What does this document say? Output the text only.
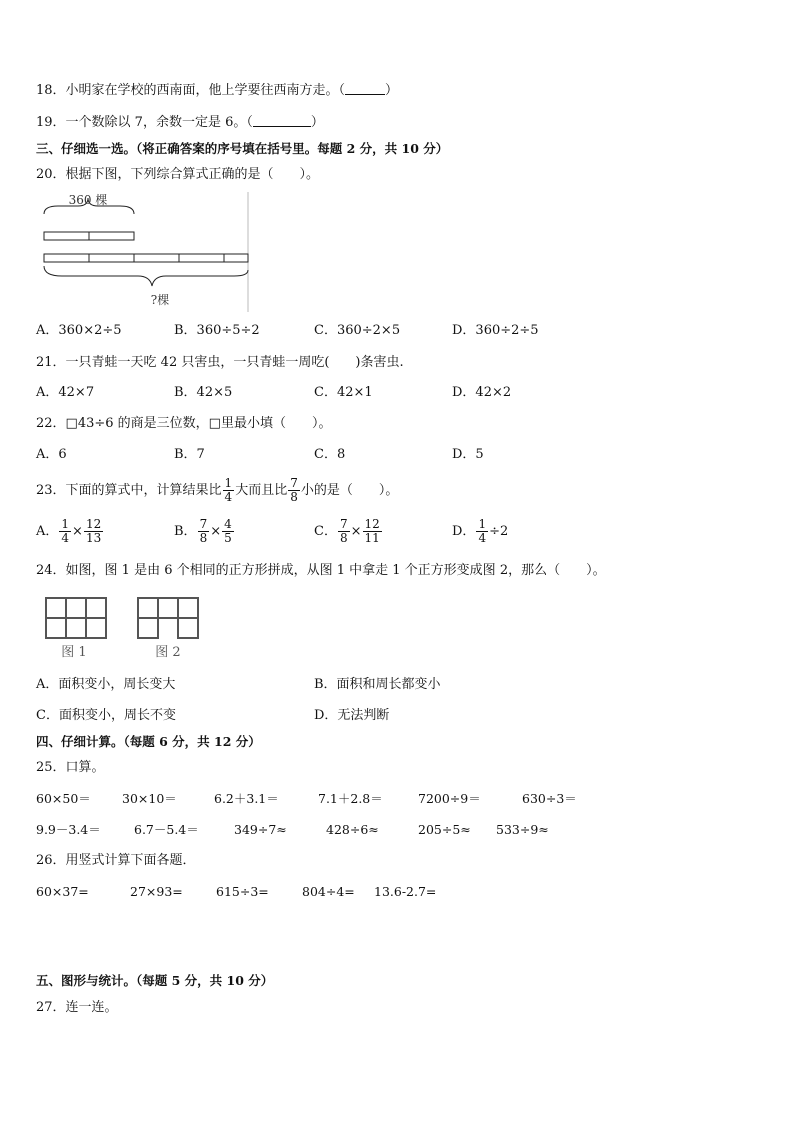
18．小明家在学校的西南面，他上学要往西南方走。（	）
19．一个数除以 7，余数一定是 6。（	）
三、仔细选一选。（将正确答案的序号填在括号里。每题 2 分，共 10 分）
20．根据下图，下列综合算式正确的是（　　）。
360 棵
?棵
A．360×2÷5	B．360÷5÷2	C．360÷2×5	D．360÷2÷5
21．一只青蛙一天吃 42 只害虫，一只青蛙一周吃(　　)条害虫.
A．42×7	B．42×5	C．42×1	D．42×2
22．□43÷6 的商是三位数，□里最小填（　　）。
A．6	B．7	C．8	D．5
23．下面的算式中，计算结果比 $\frac{1}{4}$ 大而且比 $\frac{7}{8}$ 小的是（　　）。
A． $\frac{1}{4} \times \frac{12}{13}$	B． $\frac{7}{8} \times \frac{4}{5}$	C． $\frac{7}{8} \times \frac{12}{11}$	D． $\frac{1}{4} \div 2$
24．如图，图 1 是由 6 个相同的正方形拼成，从图 1 中拿走 1 个正方形变成图 2，那么（　　）。
图 1	图 2
A．面积变小，周长变大	B．面积和周长都变小
C．面积变小，周长不变	D．无法判断
四、仔细计算。（每题 6 分，共 12 分）
25．口算。
60×50＝ 30×10＝	6.2＋3.1＝	7.1＋2.8＝	7200÷9＝	630÷3＝
9.9－3.4＝	6.7－5.4＝	349÷7≈	428÷6≈	205÷5≈ 533÷9≈
26．用竖式计算下面各题．
60×37=	27×93=	615÷3=	804÷4= 13.6-2.7=
五、图形与统计。（每题 5 分，共 10 分）
27．连一连。
